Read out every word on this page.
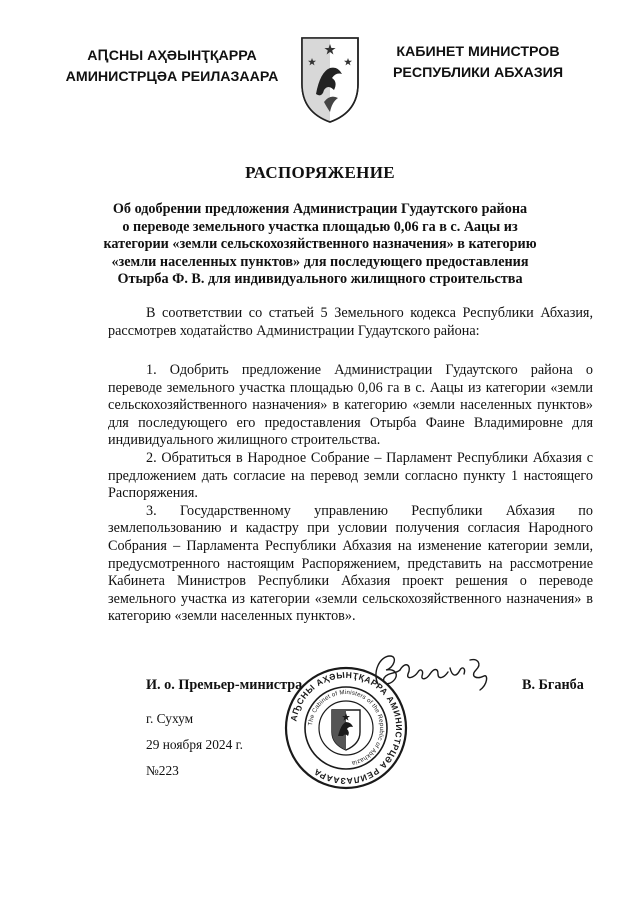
АԤСНЫ АҲӘЫНҬҚАРРА
АМИНИСТРЦӘА РЕИЛАЗААРА
КАБИНЕТ МИНИСТРОВ
РЕСПУБЛИКИ АБХАЗИЯ
РАСПОРЯЖЕНИЕ
Об одобрении предложения Администрации Гудаутского района
о переводе земельного участка площадью 0,06 га в с. Аацы из
категории «земли сельскохозяйственного назначения» в категорию
«земли населенных пунктов» для последующего предоставления
Отырба Ф. В. для индивидуального жилищного строительства

В соответствии со статьей 5 Земельного кодекса Республики Абхазия, рассмотрев ходатайство Администрации Гудаутского района:

1. Одобрить предложение Администрации Гудаутского района о переводе земельного участка площадью 0,06 га в с. Аацы из категории «земли сельскохозяйственного назначения» в категорию «земли населенных пунктов» для последующего его предоставления Отырба Фаине Владимировне для индивидуального жилищного строительства.

2. Обратиться в Народное Собрание – Парламент Республики Абхазия с предложением дать согласие на перевод земли согласно пункту 1 настоящего Распоряжения.

3. Государственному управлению Республики Абхазия по землепользованию и кадастру при условии получения согласия Народного Собрания – Парламента Республики Абхазия на изменение категории земли, предусмотренного настоящим Распоряжением, представить на рассмотрение Кабинета Министров Республики Абхазия проект решения о переводе земельного участка из категории «земли сельскохозяйственного назначения» в категорию «земли населенных пунктов».

АҦСНЫ АҲӘЫНҬҚАРРА АМИНИСТРЦӘА РЕИЛАЗААРА
The Cabinet of Ministers of the Republic of Abkhazia
И. о. Премьер-министра	В. Бганба
г. Сухум
29 ноября 2024 г.
№223
